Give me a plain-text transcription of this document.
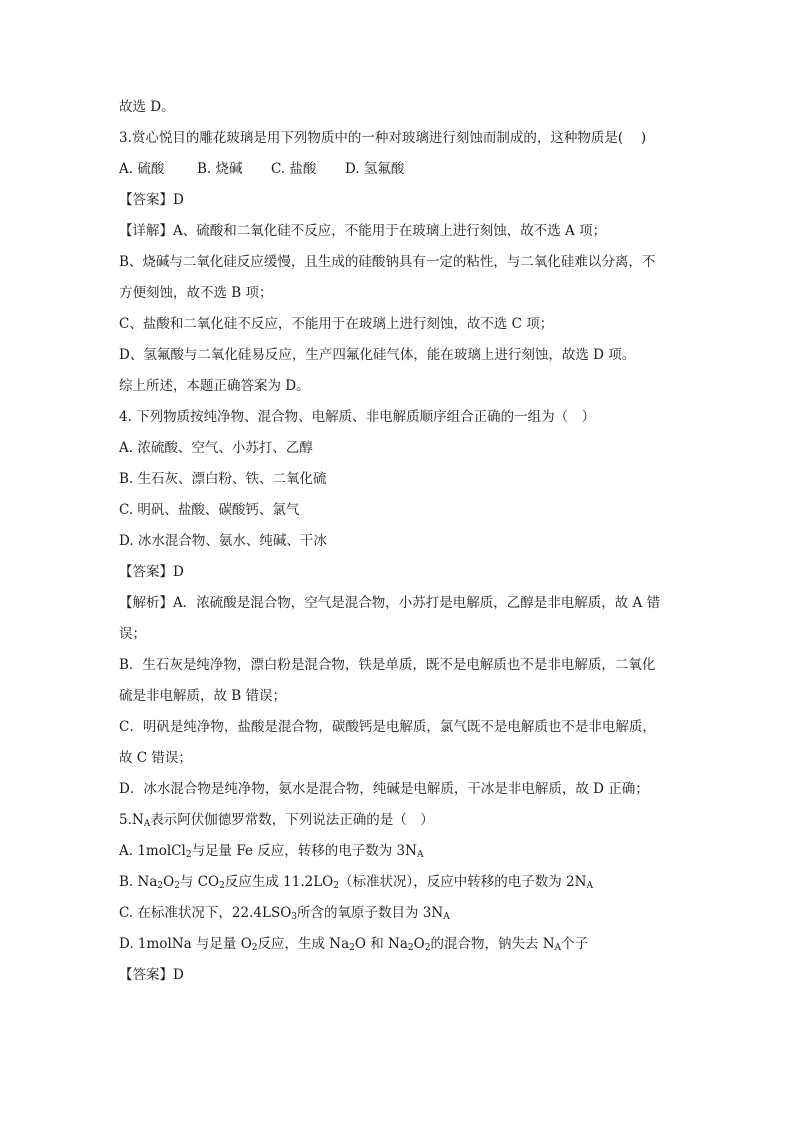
故选 D。
3.赏心悦目的雕花玻璃是用下列物质中的一种对玻璃进行刻蚀而制成的，这种物质是(　 )
A. 硫酸 B. 烧碱 C. 盐酸 D. 氢氟酸
【答案】D
【详解】A、硫酸和二氧化硅不反应，不能用于在玻璃上进行刻蚀，故不选 A 项；
B、烧碱与二氧化硅反应缓慢，且生成的硅酸钠具有一定的粘性，与二氧化硅难以分离，不
方便刻蚀，故不选 B 项；
C、盐酸和二氧化硅不反应，不能用于在玻璃上进行刻蚀，故不选 C 项；
D、氢氟酸与二氧化硅易反应，生产四氟化硅气体，能在玻璃上进行刻蚀，故选 D 项。
综上所述，本题正确答案为 D。
4. 下列物质按纯净物、混合物、电解质、非电解质顺序组合正确的一组为（　）
A. 浓硫酸、空气、小苏打、乙醇
B. 生石灰、漂白粉、铁、二氧化硫
C. 明矾、盐酸、碳酸钙、氯气
D. 冰水混合物、氨水、纯碱、干冰
【答案】D
【解析】A．浓硫酸是混合物，空气是混合物，小苏打是电解质，乙醇是非电解质，故 A 错
误；
B．生石灰是纯净物，漂白粉是混合物，铁是单质，既不是电解质也不是非电解质，二氧化
硫是非电解质，故 B 错误；
C．明矾是纯净物，盐酸是混合物，碳酸钙是电解质，氯气既不是电解质也不是非电解质，
故 C 错误；
D．冰水混合物是纯净物，氨水是混合物，纯碱是电解质，干冰是非电解质，故 D 正确；
$5.N_A$表示阿伏伽德罗常数，下列说法正确的是（　）
A. 1molCl$_2$与足量 Fe 反应，转移的电子数为 $3N_A$
B. $Na_2O_2$与 $CO_2$反应生成 $11.2LO_2$（标准状况），反应中转移的电子数为 $2N_A$
C. 在标准状况下，$22.4LSO_3$所含的氧原子数目为 $3N_A$
D. 1molNa 与足量 $O_2$反应，生成 $Na_2O$ 和 $Na_2O_2$的混合物，钠失去 $N_A$个子
【答案】D
